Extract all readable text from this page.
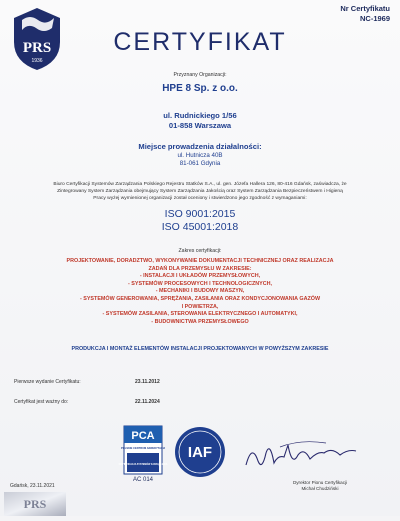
PRS
1936
Nr Certyfikatu
NC-1969
CERTYFIKAT
Przyznany Organizacji:
HPE 8 Sp. z o.o.
ul. Rudnickiego 1/56
01-858 Warszawa
Miejsce prowadzenia działalności:
ul. Hutnicza 40B
81-061 Gdynia
Biuro Certyfikacji Systemów Zarządzania Polskiego Rejestru Statków S.A., ul. gen. Józefa Hallera 126, 80-416 Gdańsk, zaświadcza, że
Zintegrowany System Zarządzania obejmujący System Zarządzania Jakością oraz System Zarządzania Bezpieczeństwem i Higieną
Pracy wyżej wymienionej organizacji został oceniony i stwierdzono jego zgodność z wymaganiami:
ISO 9001:2015
ISO 45001:2018
Zakres certyfikacji:
PROJEKTOWANIE, DORADZTWO, WYKONYWANIE DOKUMENTACJI TECHNICZNEJ ORAZ REALIZACJA
ZADAŃ DLA PRZEMYSŁU W ZAKRESIE:
- INSTALACJI I UKŁADÓW PRZEMYSŁOWYCH,
- SYSTEMÓW PROCESOWYCH I TECHNOLOGICZNYCH,
- MECHANIKI I BUDOWY MASZYN,
- SYSTEMÓW GENEROWANIA, SPRĘŻANIA, ZASILANIA ORAZ KONDYCJONOWANIA GAZÓW
I POWIETRZA,
- SYSTEMÓW ZASILANIA, STEROWANIA ELEKTRYCZNEGO I AUTOMATYKI,
- BUDOWNICTWA PRZEMYSŁOWEGO
PRODUKCJA I MONTAŻ ELEMENTÓW INSTALACJI PROJEKTOWANYCH W POWYŻSZYM ZAKRESIE
Pierwsze wydanie Certyfikatu:	23.11.2012
Certyfikat jest ważny do:	22.11.2024
PCA
POLSKIE CENTRUM AKREDYTACJI
CERTYFIKACJA SYSTEMÓW ZARZĄDZANIA
AC 014
IAF
Dyrektor Pionu Certyfikacji
Michał Chudziński
Gdańsk, 23.11.2021
PRS
